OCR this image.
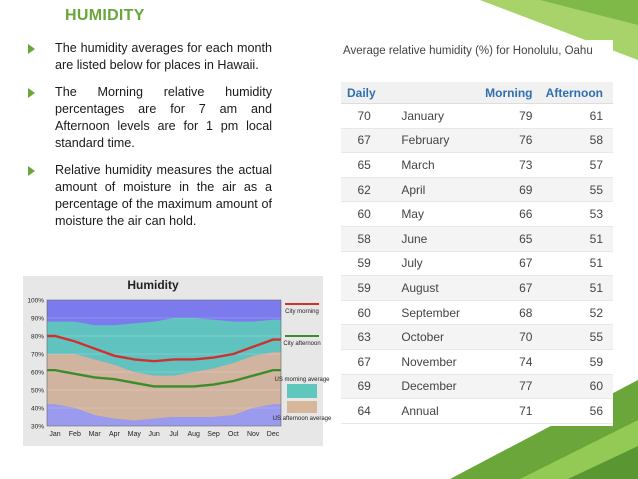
HUMIDITY
The humidity averages for each month are listed below for places in Hawaii.
The Morning relative humidity percentages are for 7 am and Afternoon levels are for 1 pm local standard time.
Relative humidity measures the actual amount of moisture in the air as a percentage of the maximum amount of moisture the air can hold.
Humidity
100%
90%
80%
70%
60%
50%
40%
30%
Jan Feb Mar Apr May Jun Jul Aug Sep Oct Nov Dec
City morning
City afternoon
US morning average
US afternoon average
Average relative humidity (%) for Honolulu, Oahu
Daily		Morning	Afternoon
70	January	79	61
67	February	76	58
65	March	73	57
62	April	69	55
60	May	66	53
58	June	65	51
59	July	67	51
59	August	67	51
60	September	68	52
63	October	70	55
67	November	74	59
69	December	77	60
64	Annual	71	56
